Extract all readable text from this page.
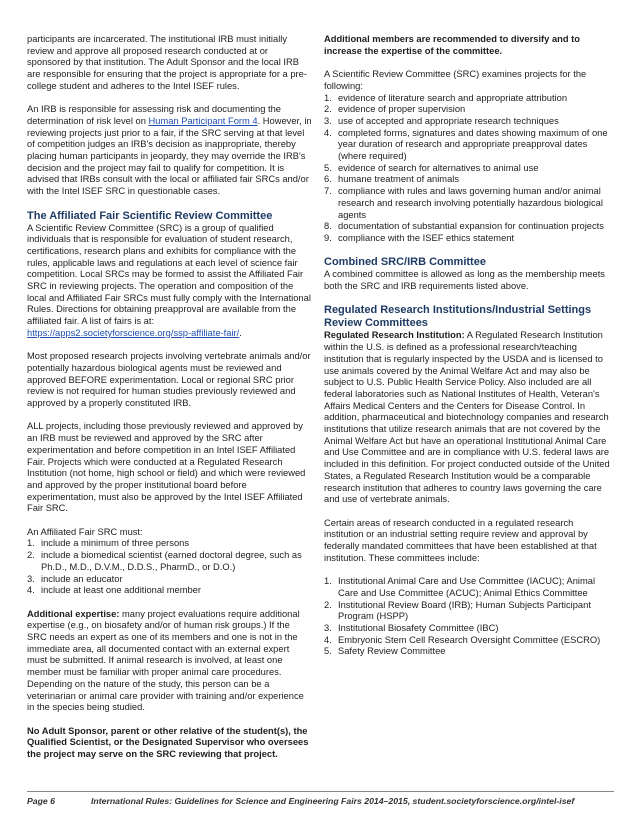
participants are incarcerated. The institutional IRB must initially review and approve all proposed research conducted at or sponsored by that institution. The Adult Sponsor and the local IRB are responsible for ensuring that the project is appropriate for a pre-college student and adheres to the Intel ISEF rules.

An IRB is responsible for assessing risk and documenting the determination of risk level on Human Participant Form 4. However, in reviewing projects just prior to a fair, if the SRC serving at that level of competition judges an IRB's decision as inappropriate, thereby placing human participants in jeopardy, they may override the IRB's decision and the project may fail to qualify for competition. It is advised that IRBs consult with the local or affiliated fair SRCs and/or with the Intel ISEF SRC in questionable cases.

The Affiliated Fair Scientific Review Committee

A Scientific Review Committee (SRC) is a group of qualified individuals that is responsible for evaluation of student research, certifications, research plans and exhibits for compliance with the rules, applicable laws and regulations at each level of science fair competition. Local SRCs may be formed to assist the Affiliated Fair SRC in reviewing projects. The operation and composition of the local and Affiliated Fair SRCs must fully comply with the International Rules. Directions for obtaining preapproval are available from the affiliated fair. A list of fairs is at: https://apps2.societyforscience.org/ssp-affiliate-fair/.

Most proposed research projects involving vertebrate animals and/or potentially hazardous biological agents must be reviewed and approved BEFORE experimentation. Local or regional SRC prior review is not required for human studies previously reviewed and approved by a properly constituted IRB.

ALL projects, including those previously reviewed and approved by an IRB must be reviewed and approved by the SRC after experimentation and before competition in an Intel ISEF Affiliated Fair. Projects which were conducted at a Regulated Research Institution (not home, high school or field) and which were reviewed and approved by the proper institutional board before experimentation, must also be approved by the Intel ISEF Affiliated Fair SRC.

An Affiliated Fair SRC must:

1. include a minimum of three persons
2. include a biomedical scientist (earned doctoral degree, such as Ph.D., M.D., D.V.M., D.D.S., PharmD., or D.O.)
3. include an educator
4. include at least one additional member

Additional expertise: many project evaluations require additional expertise (e.g., on biosafety and/or of human risk groups.) If the SRC needs an expert as one of its members and one is not in the immediate area, all documented contact with an external expert must be submitted. If animal research is involved, at least one member must be familiar with proper animal care procedures. Depending on the nature of the study, this person can be a veterinarian or animal care provider with training and/or experience in the species being studied.

No Adult Sponsor, parent or other relative of the student(s), the Qualified Scientist, or the Designated Supervisor who oversees the project may serve on the SRC reviewing that project.

Additional members are recommended to diversify and to increase the expertise of the committee.

A Scientific Review Committee (SRC) examines projects for the following:

1. evidence of literature search and appropriate attribution
2. evidence of proper supervision
3. use of accepted and appropriate research techniques
4. completed forms, signatures and dates showing maximum of one year duration of research and appropriate preapproval dates (where required)
5. evidence of search for alternatives to animal use
6. humane treatment of animals
7. compliance with rules and laws governing human and/or animal research and research involving potentially hazardous biological agents
8. documentation of substantial expansion for continuation projects
9. compliance with the ISEF ethics statement
Combined SRC/IRB Committee

A combined committee is allowed as long as the membership meets both the SRC and IRB requirements listed above.

Regulated Research Institutions/Industrial Settings Review Committees

Regulated Research Institution: A Regulated Research Institution within the U.S. is defined as a professional research/teaching institution that is regularly inspected by the USDA and is licensed to use animals covered by the Animal Welfare Act and may also be subject to U.S. Public Health Service Policy. Also included are all federal laboratories such as National Institutes of Health, Veteran's Affairs Medical Centers and the Centers for Disease Control. In addition, pharmaceutical and biotechnology companies and research institutions that utilize research animals that are not covered by the Animal Welfare Act but have an operational Institutional Animal Care and Use Committee and are in compliance with U.S. federal laws are included in this definition. For project conducted outside of the United States, a Regulated Research Institution would be a comparable research institution that adheres to country laws governing the care and use of vertebrate animals.

Certain areas of research conducted in a regulated research institution or an industrial setting require review and approval by federally mandated committees that have been established at that institution. These committees include:

1. Institutional Animal Care and Use Committee (IACUC); Animal Care and Use Committee (ACUC); Animal Ethics Committee
2. Institutional Review Board (IRB); Human Subjects Participant Program (HSPP)
3. Institutional Biosafety Committee (IBC)
4. Embryonic Stem Cell Research Oversight Committee (ESCRO)
5. Safety Review Committee
Page 6	International Rules: Guidelines for Science and Engineering Fairs 2014–2015, student.societyforscience.org/intel-isef
